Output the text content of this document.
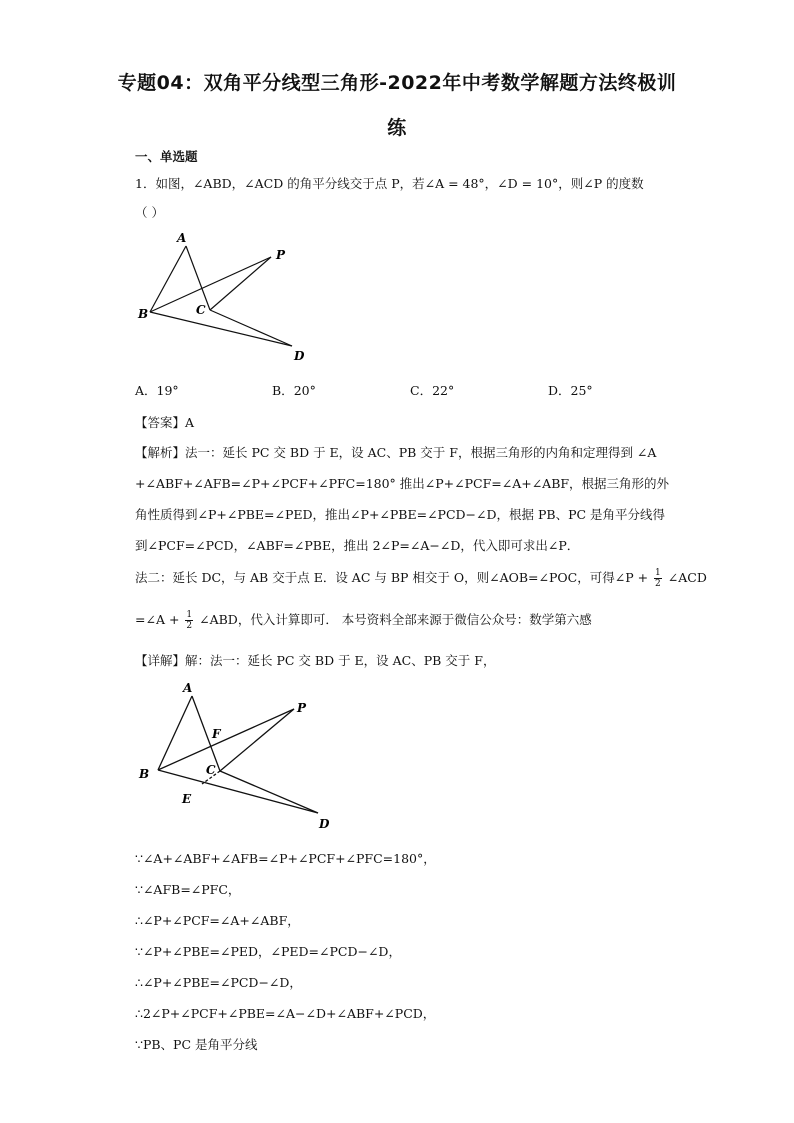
专题04：双角平分线型三角形-2022年中考数学解题方法终极训
练
一、单选题
1．如图，∠ABD，∠ACD 的角平分线交于点 P，若∠A = 48°，∠D = 10°，则∠P 的度数
（ ）
A
B	C
D
P
A．19°	B．20°	C．22°	D．25°
【答案】A
【解析】法一：延长 PC 交 BD 于 E，设 AC、PB 交于 F，根据三角形的内角和定理得到 ∠A
+∠ABF+∠AFB=∠P+∠PCF+∠PFC=180° 推出∠P+∠PCF=∠A+∠ABF，根据三角形的外
角性质得到∠P+∠PBE=∠PED，推出∠P+∠PBE=∠PCD−∠D，根据 PB、PC 是角平分线得
到∠PCF=∠PCD，∠ABF=∠PBE，推出 2∠P=∠A−∠D，代入即可求出∠P．
法二：延长 DC，与 AB 交于点 E．设 AC 与 BP 相交于 O，则∠AOB=∠POC，可得∠P + $\frac{1}{2}$ ∠ACD
=∠A + $\frac{1}{2}$ ∠ABD，代入计算即可． 本号资料全部来源于微信公众号：数学第六感
【详解】解：法一：延长 PC 交 BD 于 E，设 AC、PB 交于 F，
A
B	C
D
P
E
F
∵∠A+∠ABF+∠AFB=∠P+∠PCF+∠PFC=180°，
∵∠AFB=∠PFC，
∴∠P+∠PCF=∠A+∠ABF，
∵∠P+∠PBE=∠PED，∠PED=∠PCD−∠D，
∴∠P+∠PBE=∠PCD−∠D，
∴2∠P+∠PCF+∠PBE=∠A−∠D+∠ABF+∠PCD，
∵PB、PC 是角平分线
